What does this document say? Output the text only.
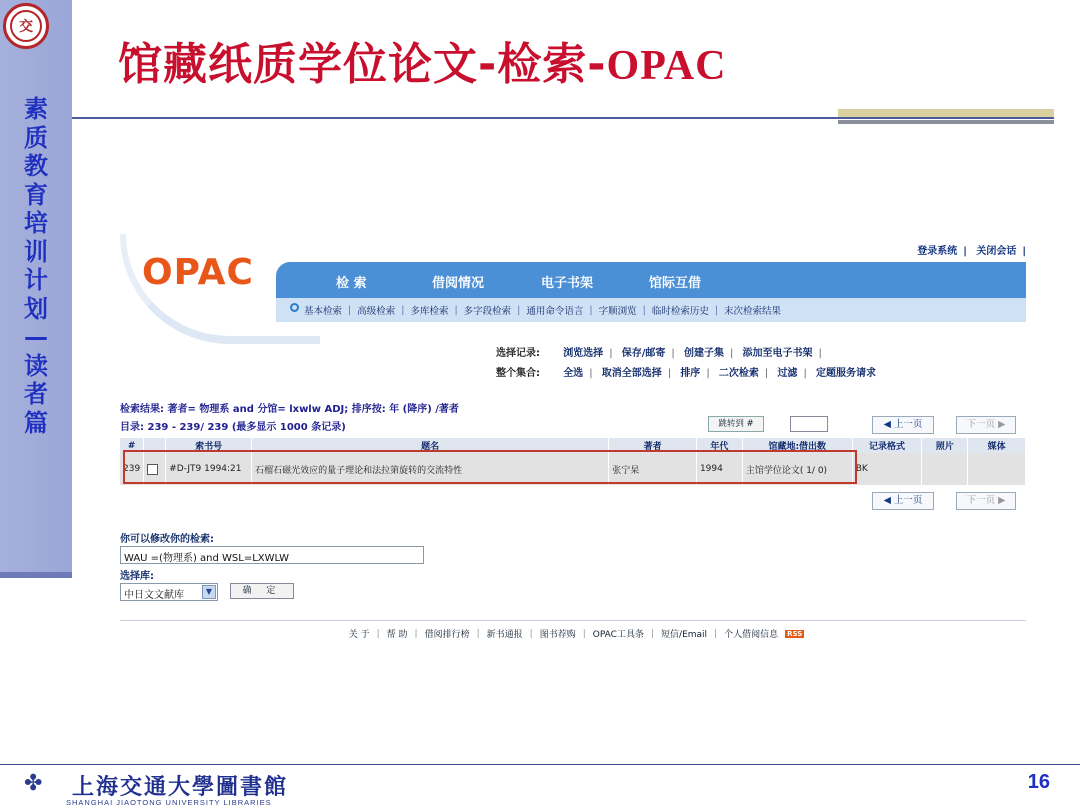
交
素质教育培训计划—读者篇
馆藏纸质学位论文-检索-OPAC
OPAC
登录系统 | 关闭会话 |
检 索	借阅情况	电子书架	馆际互借
基本检索 | 高级检索 | 多库检索 | 多字段检索 | 通用命令语言 | 字顺浏览 | 临时检索历史 | 末次检索结果
选择记录: 浏览选择 | 保存/邮寄 | 创建子集 | 添加至电子书架 |
整个集合: 全选 | 取消全部选择 | 排序 | 二次检索 | 过滤 | 定题服务请求
检索结果: 著者= 物理系 and 分馆= lxwlw ADJ; 排序按: 年 (降序) /著者
目录: 239 - 239/ 239 (最多显示 1000 条记录)	跳转到 #	◀ 上一页	下一页 ▶
#		索书号	题名	著者	年代	馆藏地:借出数	记录格式	照片	媒体
239		#D-JT9 1994:21	石榴石磁光效应的量子理论和法拉第旋转的交流特性	张宁杲	1994	主馆学位论文( 1/ 0)	BK		
◀ 上一页	下一页 ▶
你可以修改你的检索:
WAU =(物理系) and WSL=LXWLW
选择库:
中日文文献库	▼	确 定
关 于 | 帮 助 | 借阅排行榜 | 新书通报 | 图书荐购 | OPAC工具条 | 短信/Email | 个人借阅信息 RSS
✤	上海交通大學圖書館
SHANGHAI JIAOTONG UNIVERSITY LIBRARIES
16
